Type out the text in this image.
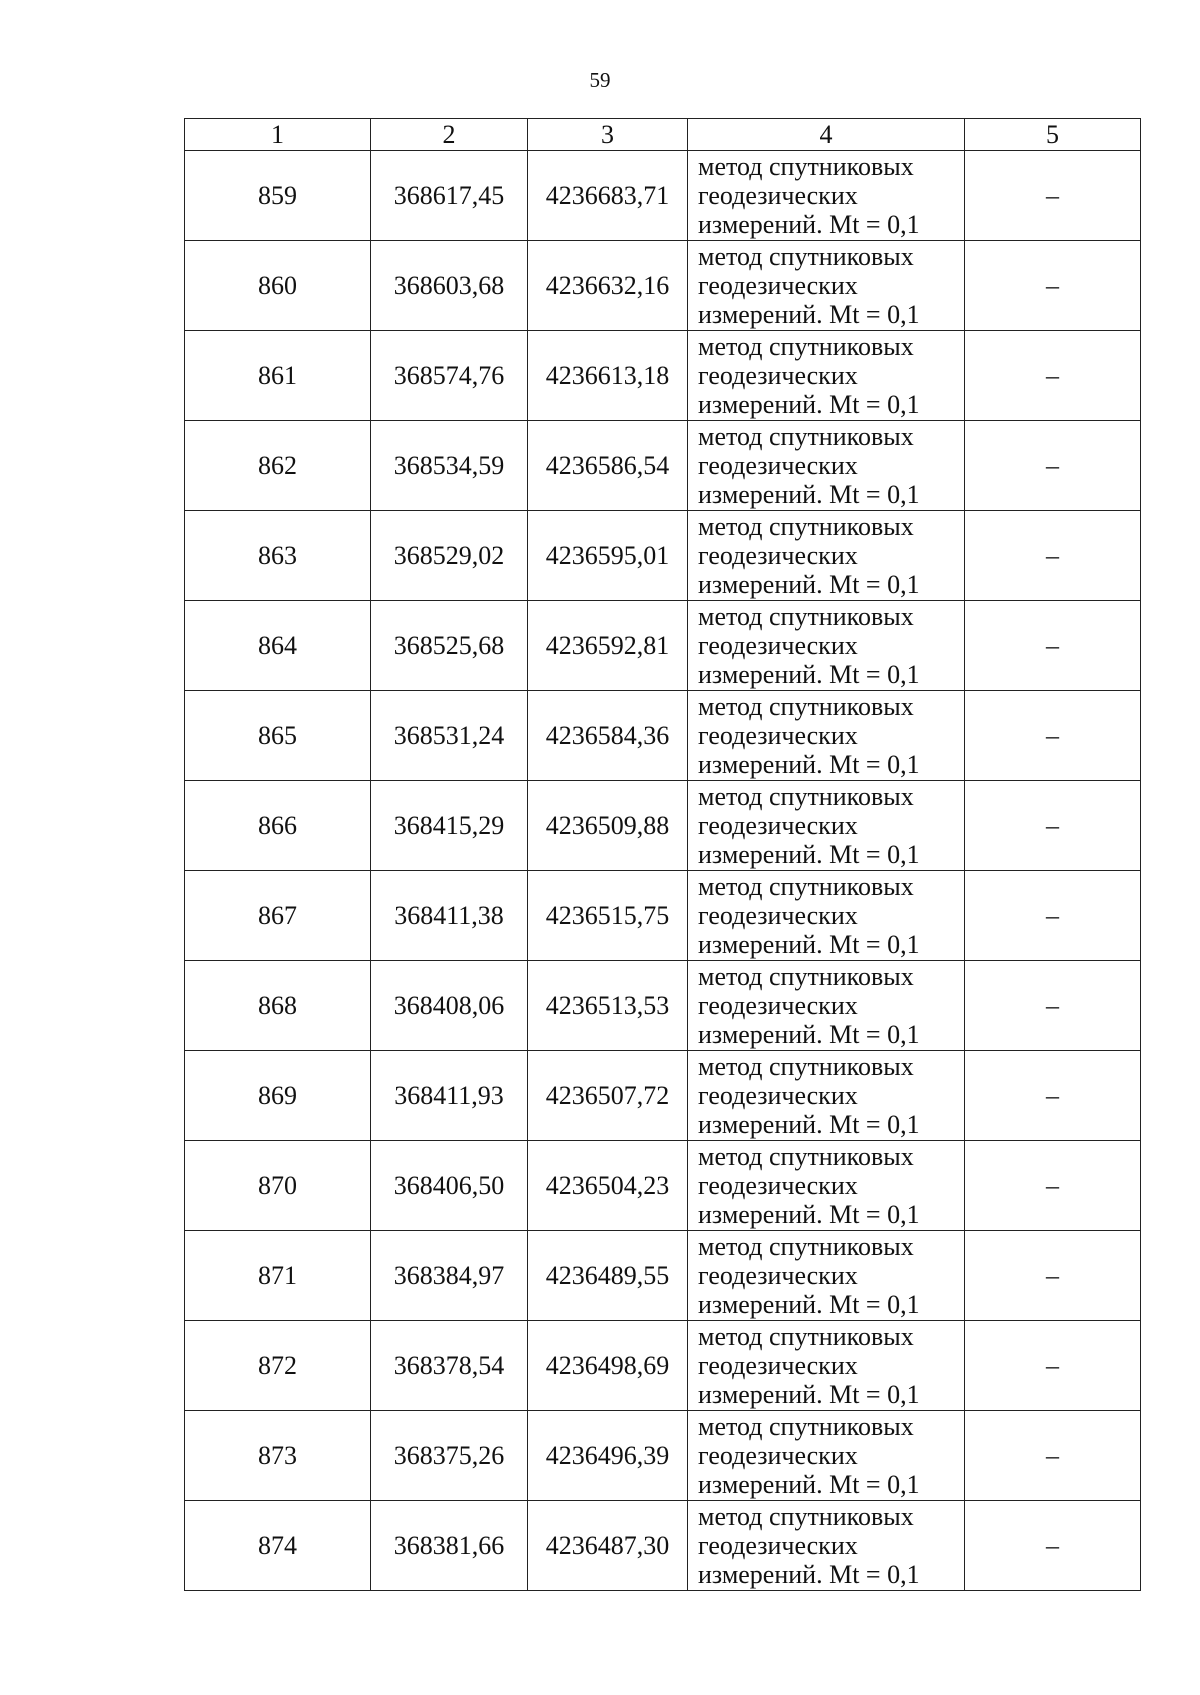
59
1	2	3	4	5
859	368617,45	4236683,71	метод спутниковых
геодезических
измерений. Mt = 0,1	–
860	368603,68	4236632,16	метод спутниковых
геодезических
измерений. Mt = 0,1	–
861	368574,76	4236613,18	метод спутниковых
геодезических
измерений. Mt = 0,1	–
862	368534,59	4236586,54	метод спутниковых
геодезических
измерений. Mt = 0,1	–
863	368529,02	4236595,01	метод спутниковых
геодезических
измерений. Mt = 0,1	–
864	368525,68	4236592,81	метод спутниковых
геодезических
измерений. Mt = 0,1	–
865	368531,24	4236584,36	метод спутниковых
геодезических
измерений. Mt = 0,1	–
866	368415,29	4236509,88	метод спутниковых
геодезических
измерений. Mt = 0,1	–
867	368411,38	4236515,75	метод спутниковых
геодезических
измерений. Mt = 0,1	–
868	368408,06	4236513,53	метод спутниковых
геодезических
измерений. Mt = 0,1	–
869	368411,93	4236507,72	метод спутниковых
геодезических
измерений. Mt = 0,1	–
870	368406,50	4236504,23	метод спутниковых
геодезических
измерений. Mt = 0,1	–
871	368384,97	4236489,55	метод спутниковых
геодезических
измерений. Mt = 0,1	–
872	368378,54	4236498,69	метод спутниковых
геодезических
измерений. Mt = 0,1	–
873	368375,26	4236496,39	метод спутниковых
геодезических
измерений. Mt = 0,1	–
874	368381,66	4236487,30	метод спутниковых
геодезических
измерений. Mt = 0,1	–
